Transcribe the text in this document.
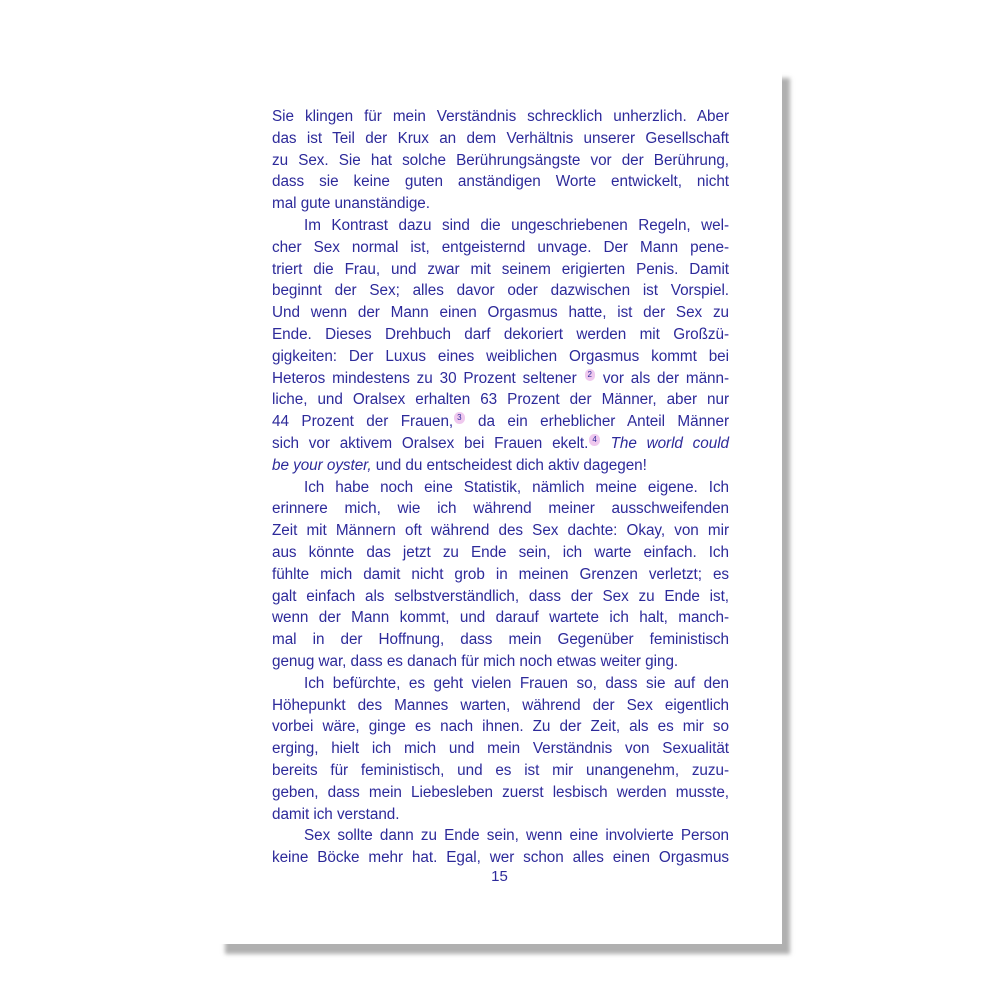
Sie klingen für mein Verständnis schrecklich unherzlich. Aber
das ist Teil der Krux an dem Verhältnis unserer Gesellschaft
zu Sex. Sie hat solche Berührungsängste vor der Berührung,
dass sie keine guten anständigen Worte entwickelt, nicht
mal gute unanständige.
Im Kontrast dazu sind die ungeschriebenen Regeln, wel-
cher Sex normal ist, entgeisternd unvage. Der Mann pene-
triert die Frau, und zwar mit seinem erigierten Penis. Damit
beginnt der Sex; alles davor oder dazwischen ist Vorspiel.
Und wenn der Mann einen Orgasmus hatte, ist der Sex zu
Ende. Dieses Drehbuch darf dekoriert werden mit Großzü-
gigkeiten: Der Luxus eines weiblichen Orgasmus kommt bei
Heteros mindestens zu 30 Prozent seltener 2 vor als der männ-
liche, und Oralsex erhalten 63 Prozent der Männer, aber nur
44 Prozent der Frauen, 3 da ein erheblicher Anteil Männer
sich vor aktivem Oralsex bei Frauen ekelt. 4 The world could
be your oyster, und du entscheidest dich aktiv dagegen!
Ich habe noch eine Statistik, nämlich meine eigene. Ich
erinnere mich, wie ich während meiner ausschweifenden
Zeit mit Männern oft während des Sex dachte: Okay, von mir
aus könnte das jetzt zu Ende sein, ich warte einfach. Ich
fühlte mich damit nicht grob in meinen Grenzen verletzt; es
galt einfach als selbstverständlich, dass der Sex zu Ende ist,
wenn der Mann kommt, und darauf wartete ich halt, manch-
mal in der Hoffnung, dass mein Gegenüber feministisch
genug war, dass es danach für mich noch etwas weiter ging.
Ich befürchte, es geht vielen Frauen so, dass sie auf den
Höhepunkt des Mannes warten, während der Sex eigentlich
vorbei wäre, ginge es nach ihnen. Zu der Zeit, als es mir so
erging, hielt ich mich und mein Verständnis von Sexualität
bereits für feministisch, und es ist mir unangenehm, zuzu-
geben, dass mein Liebesleben zuerst lesbisch werden musste,
damit ich verstand.
Sex sollte dann zu Ende sein, wenn eine involvierte Person
keine Böcke mehr hat. Egal, wer schon alles einen Orgasmus
15
